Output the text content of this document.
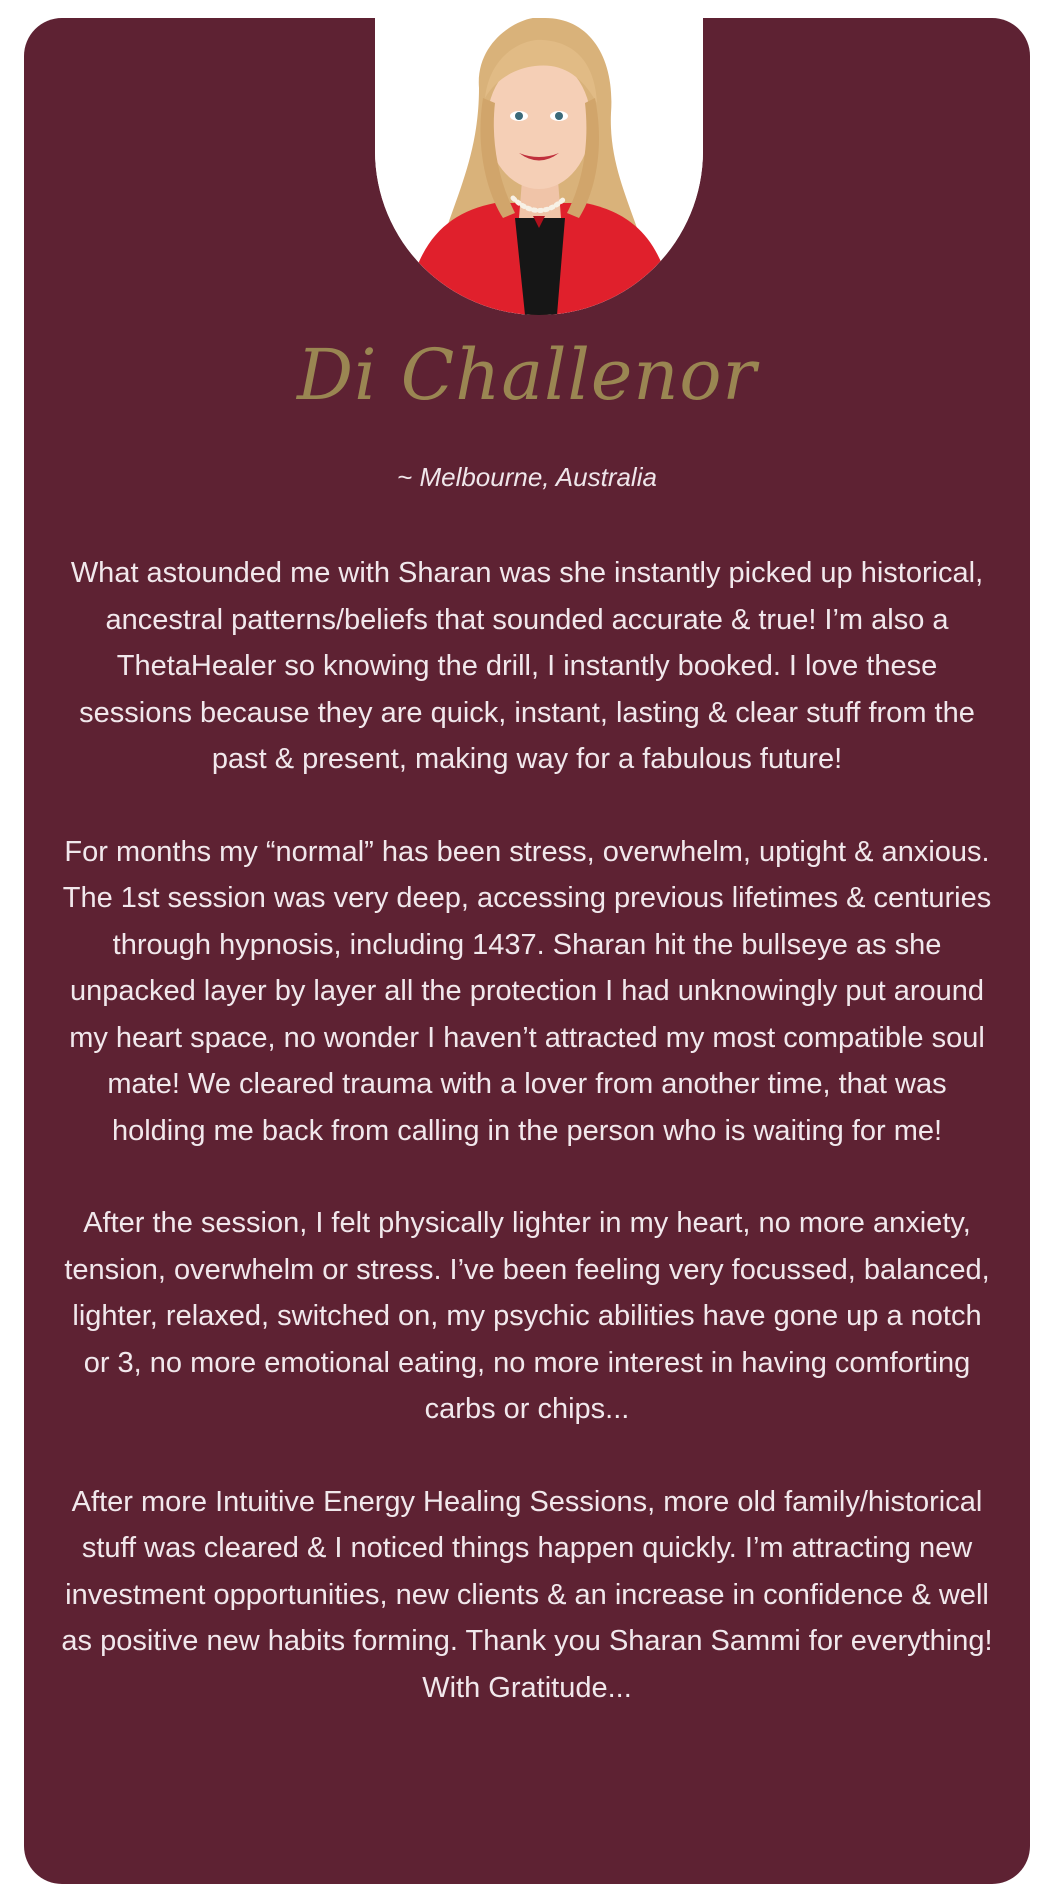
Di Challenor
~ Melbourne, Australia

What astounded me with Sharan was she instantly picked up historical, ancestral patterns/beliefs that sounded accurate & true! I’m also a ThetaHealer so knowing the drill, I instantly booked. I love these sessions because they are quick, instant, lasting & clear stuff from the past & present, making way for a fabulous future!

For months my “normal” has been stress, overwhelm, uptight & anxious. The 1st session was very deep, accessing previous lifetimes & centuries through hypnosis, including 1437. Sharan hit the bullseye as she unpacked layer by layer all the protection I had unknowingly put around my heart space, no wonder I haven’t attracted my most compatible soul mate! We cleared trauma with a lover from another time, that was holding me back from calling in the person who is waiting for me!

After the session, I felt physically lighter in my heart, no more anxiety, tension, overwhelm or stress. I’ve been feeling very focussed, balanced, lighter, relaxed, switched on, my psychic abilities have gone up a notch or 3, no more emotional eating, no more interest in having comforting carbs or chips...

After more Intuitive Energy Healing Sessions, more old family/historical stuff was cleared & I noticed things happen quickly. I’m attracting new investment opportunities, new clients & an increase in confidence & well as positive new habits forming. Thank you Sharan Sammi for everything! With Gratitude...
